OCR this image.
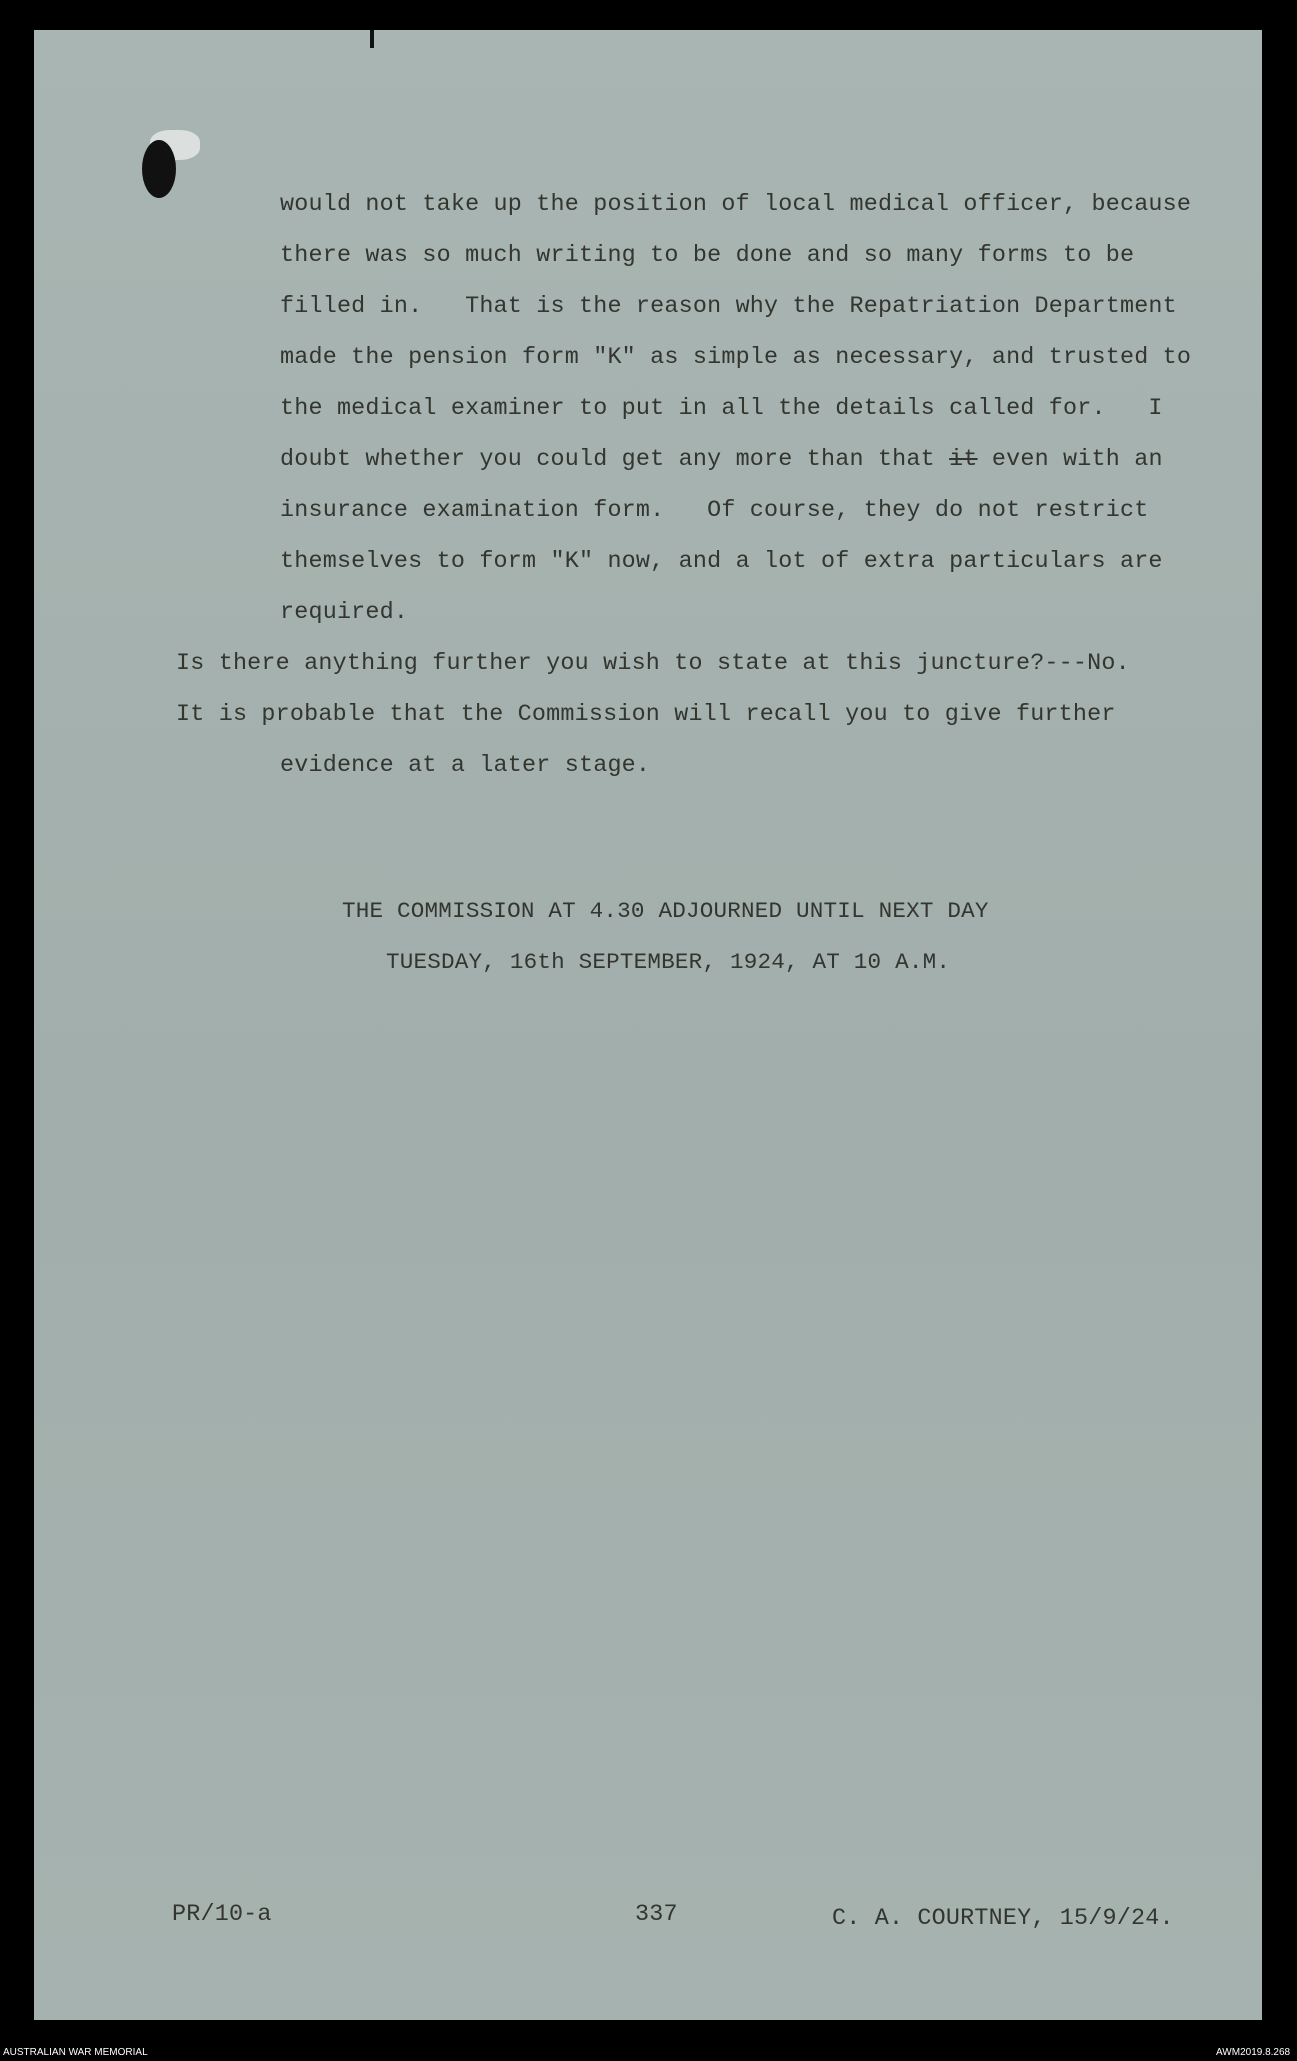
would not take up the position of local medical officer, because

there was so much writing to be done and so many forms to be

filled in.   That is the reason why the Repatriation Department

made the pension form "K" as simple as necessary, and trusted to

the medical examiner to put in all the details called for.   I

doubt whether you could get any more than that it even with an

insurance examination form.   Of course, they do not restrict

themselves to form "K" now, and a lot of extra particulars are

required.

Is there anything further you wish to state at this juncture?---No.

It is probable that the Commission will recall you to give further

evidence at a later stage.

THE COMMISSION AT 4.30 ADJOURNED UNTIL NEXT DAY

TUESDAY, 16th SEPTEMBER, 1924, AT 10 A.M.

PR/10-a	337	C. A. COURTNEY, 15/9/24.

AUSTRALIAN WAR MEMORIAL	AWM2019.8.268
